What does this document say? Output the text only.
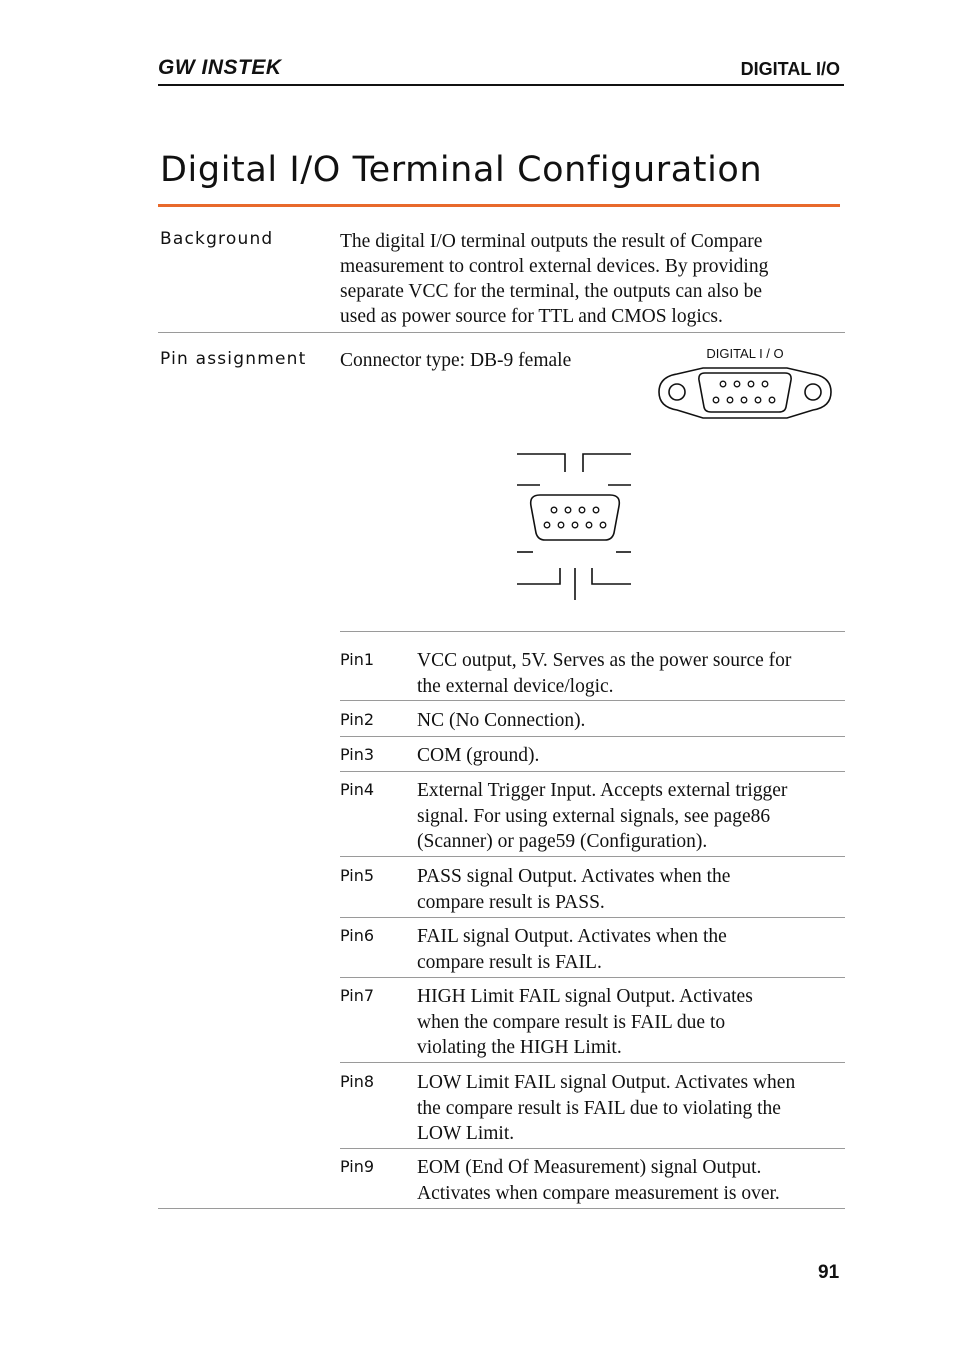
GW INSTEK	DIGITAL I/O
Digital I/O Terminal Configuration
Background	The digital I/O terminal outputs the result of Compare
measurement to control external devices. By providing
separate VCC for the terminal, the outputs can also be
used as power source for TTL and CMOS logics.
Pin assignment Connector type: DB-9 female	DIGITAL I / O
Pin1 VCC output, 5V. Serves as the power source for
the external device/logic.
Pin2 NC (No Connection).
Pin3 COM (ground).
Pin4 External Trigger Input. Accepts external trigger
signal. For using external signals, see page86
(Scanner) or page59 (Configuration).
Pin5 PASS signal Output. Activates when the
compare result is PASS.
Pin6 FAIL signal Output. Activates when the
compare result is FAIL.
Pin7 HIGH Limit FAIL signal Output. Activates
when the compare result is FAIL due to
violating the HIGH Limit.
Pin8 LOW Limit FAIL signal Output. Activates when
the compare result is FAIL due to violating the
LOW Limit.
Pin9 EOM (End Of Measurement) signal Output.
Activates when compare measurement is over.
91
